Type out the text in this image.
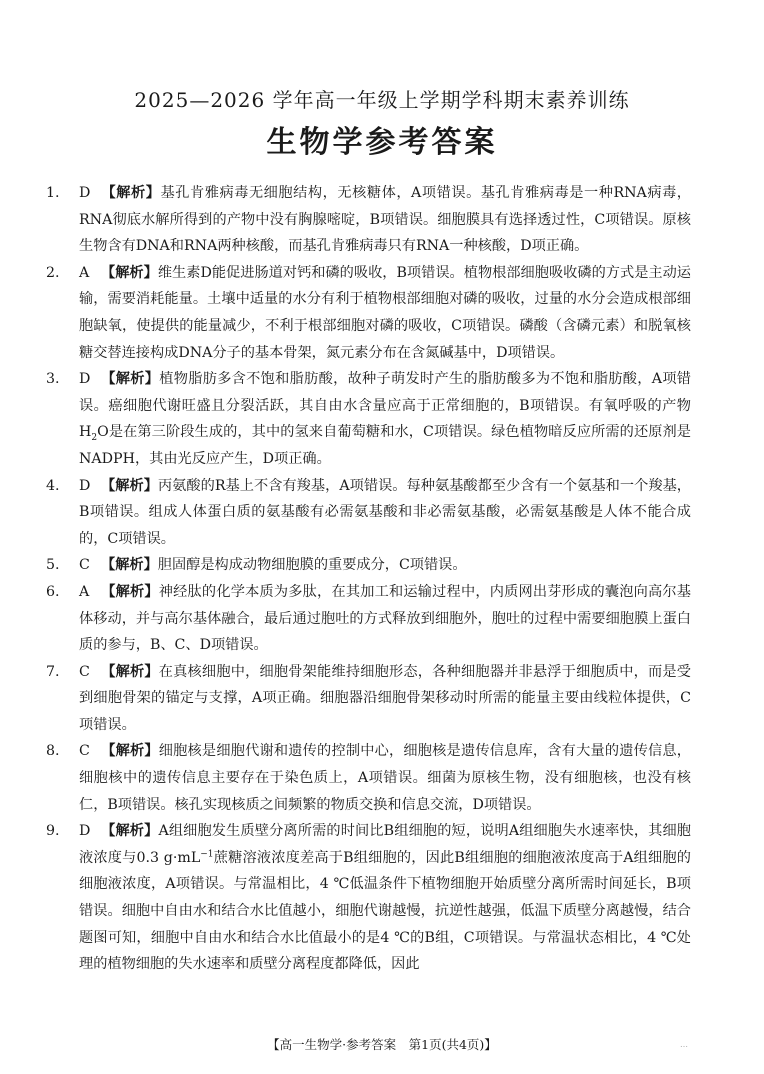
2025—2026 学年高一年级上学期学科期末素养训练
生物学参考答案
1. D 【解析】基孔肯雅病毒无细胞结构，无核糖体，A项错误。基孔肯雅病毒是一种RNA病毒，RNA彻底水解所得到的产物中没有胸腺嘧啶，B项错误。细胞膜具有选择透过性，C项错误。原核生物含有DNA和RNA两种核酸，而基孔肯雅病毒只有RNA一种核酸，D项正确。
2. A 【解析】维生素D能促进肠道对钙和磷的吸收，B项错误。植物根部细胞吸收磷的方式是主动运输，需要消耗能量。土壤中适量的水分有利于植物根部细胞对磷的吸收，过量的水分会造成根部细胞缺氧，使提供的能量减少，不利于根部细胞对磷的吸收，C项错误。磷酸（含磷元素）和脱氧核糖交替连接构成DNA分子的基本骨架，氮元素分布在含氮碱基中，D项错误。
3. D 【解析】植物脂肪多含不饱和脂肪酸，故种子萌发时产生的脂肪酸多为不饱和脂肪酸，A项错误。癌细胞代谢旺盛且分裂活跃，其自由水含量应高于正常细胞的，B项错误。有氧呼吸的产物$H_2O$是在第三阶段生成的，其中的氢来自葡萄糖和水，C项错误。绿色植物暗反应所需的还原剂是NADPH，其由光反应产生，D项正确。
4. D 【解析】丙氨酸的R基上不含有羧基，A项错误。每种氨基酸都至少含有一个氨基和一个羧基，B项错误。组成人体蛋白质的氨基酸有必需氨基酸和非必需氨基酸，必需氨基酸是人体不能合成的，C项错误。
5. C 【解析】胆固醇是构成动物细胞膜的重要成分，C项错误。
6. A 【解析】神经肽的化学本质为多肽，在其加工和运输过程中，内质网出芽形成的囊泡向高尔基体移动，并与高尔基体融合，最后通过胞吐的方式释放到细胞外，胞吐的过程中需要细胞膜上蛋白质的参与，B、C、D项错误。
7. C 【解析】在真核细胞中，细胞骨架能维持细胞形态，各种细胞器并非悬浮于细胞质中，而是受到细胞骨架的锚定与支撑，A项正确。细胞器沿细胞骨架移动时所需的能量主要由线粒体提供，C项错误。
8. C 【解析】细胞核是细胞代谢和遗传的控制中心，细胞核是遗传信息库，含有大量的遗传信息，细胞核中的遗传信息主要存在于染色质上，A项错误。细菌为原核生物，没有细胞核，也没有核仁，B项错误。核孔实现核质之间频繁的物质交换和信息交流，D项错误。
9. D 【解析】A组细胞发生质壁分离所需的时间比B组细胞的短，说明A组细胞失水速率快，其细胞液浓度与0.3 $g\cdot mL^{-1}$蔗糖溶液浓度差高于B组细胞的，因此B组细胞的细胞液浓度高于A组细胞的细胞液浓度，A项错误。与常温相比，4 ℃低温条件下植物细胞开始质壁分离所需时间延长，B项错误。细胞中自由水和结合水比值越小，细胞代谢越慢，抗逆性越强，低温下质壁分离越慢，结合题图可知，细胞中自由水和结合水比值最小的是4 ℃的B组，C项错误。与常温状态相比，4 ℃处理的植物细胞的失水速率和质壁分离程度都降低，因此
【高一生物学·参考答案　第1页(共4页)】	…
